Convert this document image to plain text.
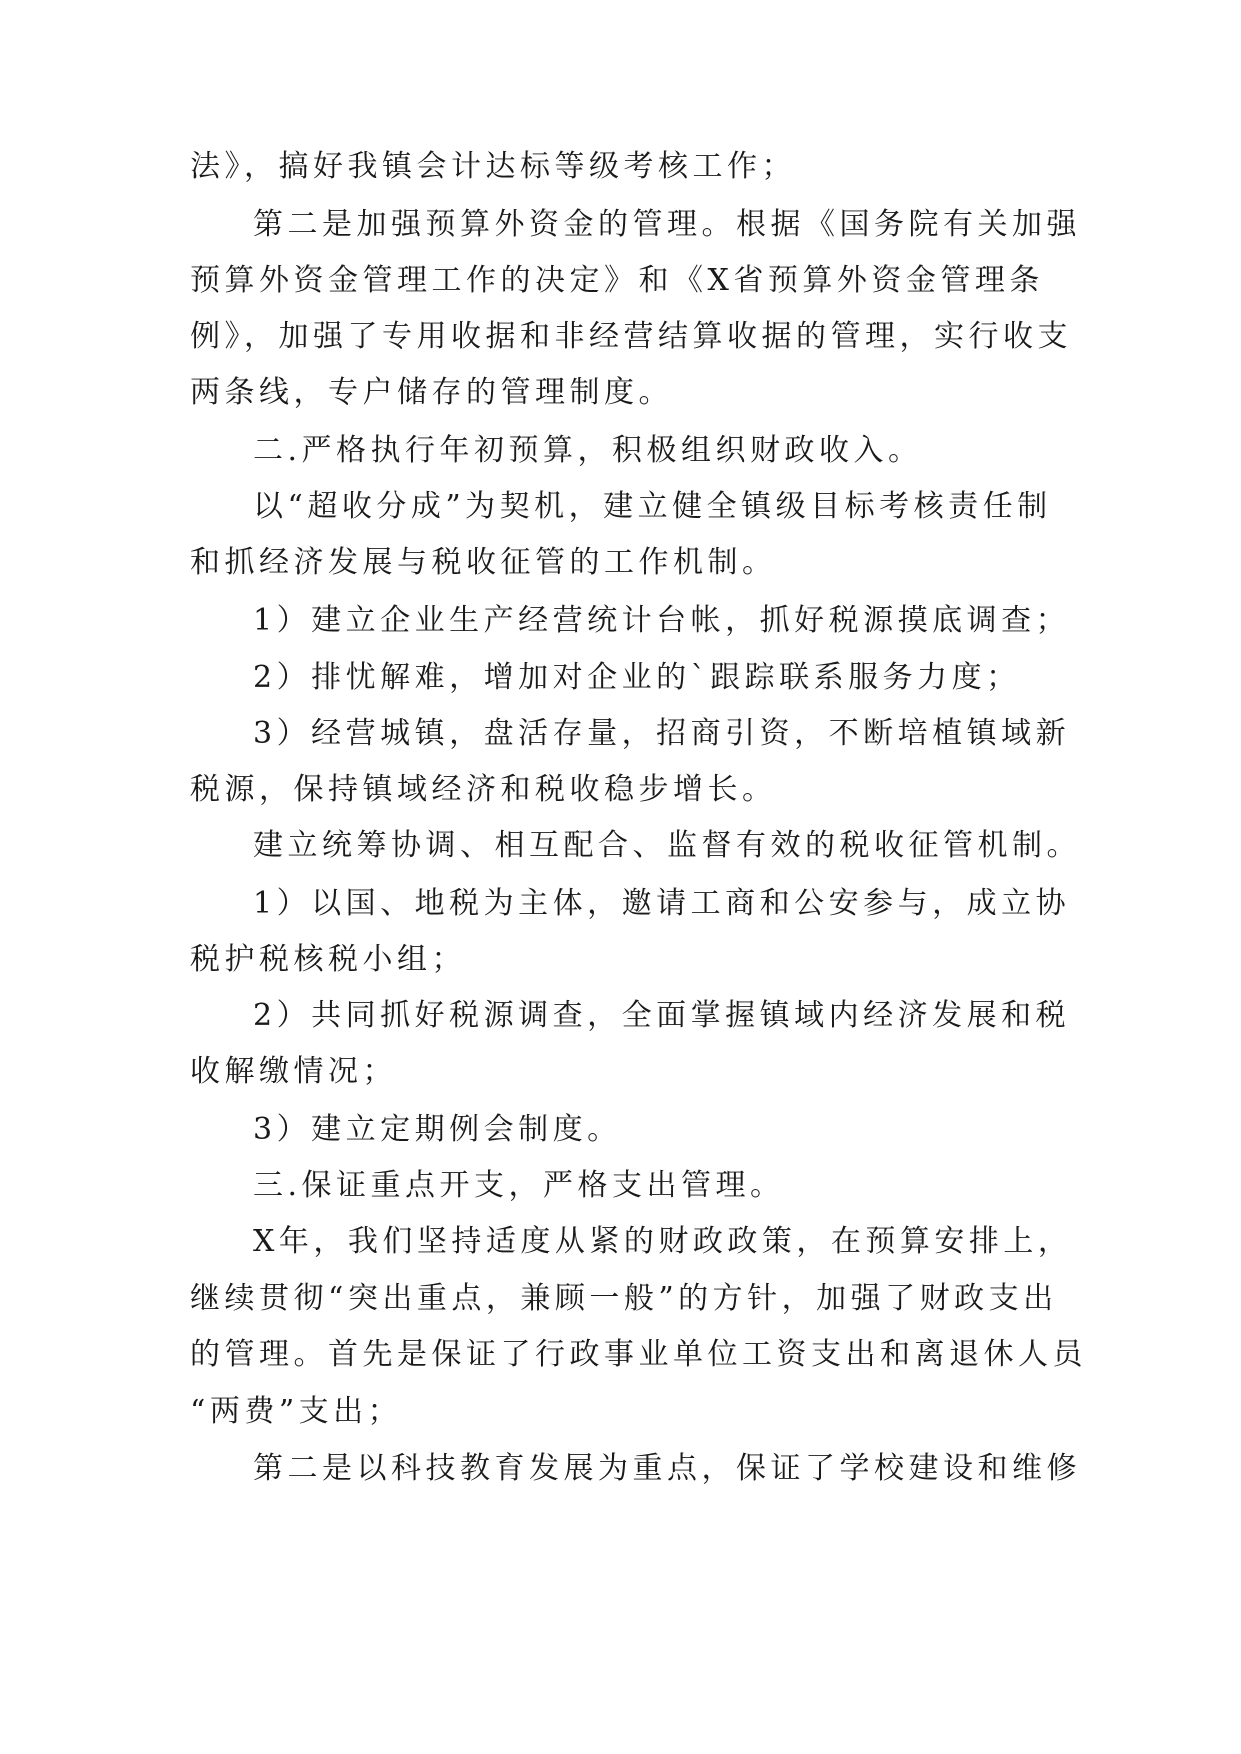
法》，搞好我镇会计达标等级考核工作；
第二是加强预算外资金的管理。根据《国务院有关加强
预算外资金管理工作的决定》和《X省预算外资金管理条
例》，加强了专用收据和非经营结算收据的管理，实行收支
两条线，专户储存的管理制度。
二.严格执行年初预算，积极组织财政收入。
以“超收分成”为契机，建立健全镇级目标考核责任制
和抓经济发展与税收征管的工作机制。
1）建立企业生产经营统计台帐，抓好税源摸底调查；
2）排忧解难，增加对企业的`跟踪联系服务力度；
3）经营城镇，盘活存量，招商引资，不断培植镇域新
税源，保持镇域经济和税收稳步增长。
建立统筹协调、相互配合、监督有效的税收征管机制。
1）以国、地税为主体，邀请工商和公安参与，成立协
税护税核税小组；
2）共同抓好税源调查，全面掌握镇域内经济发展和税
收解缴情况；
3）建立定期例会制度。
三.保证重点开支，严格支出管理。
X年，我们坚持适度从紧的财政政策，在预算安排上，
继续贯彻“突出重点，兼顾一般”的方针，加强了财政支出
的管理。首先是保证了行政事业单位工资支出和离退休人员
“两费”支出；
第二是以科技教育发展为重点，保证了学校建设和维修
